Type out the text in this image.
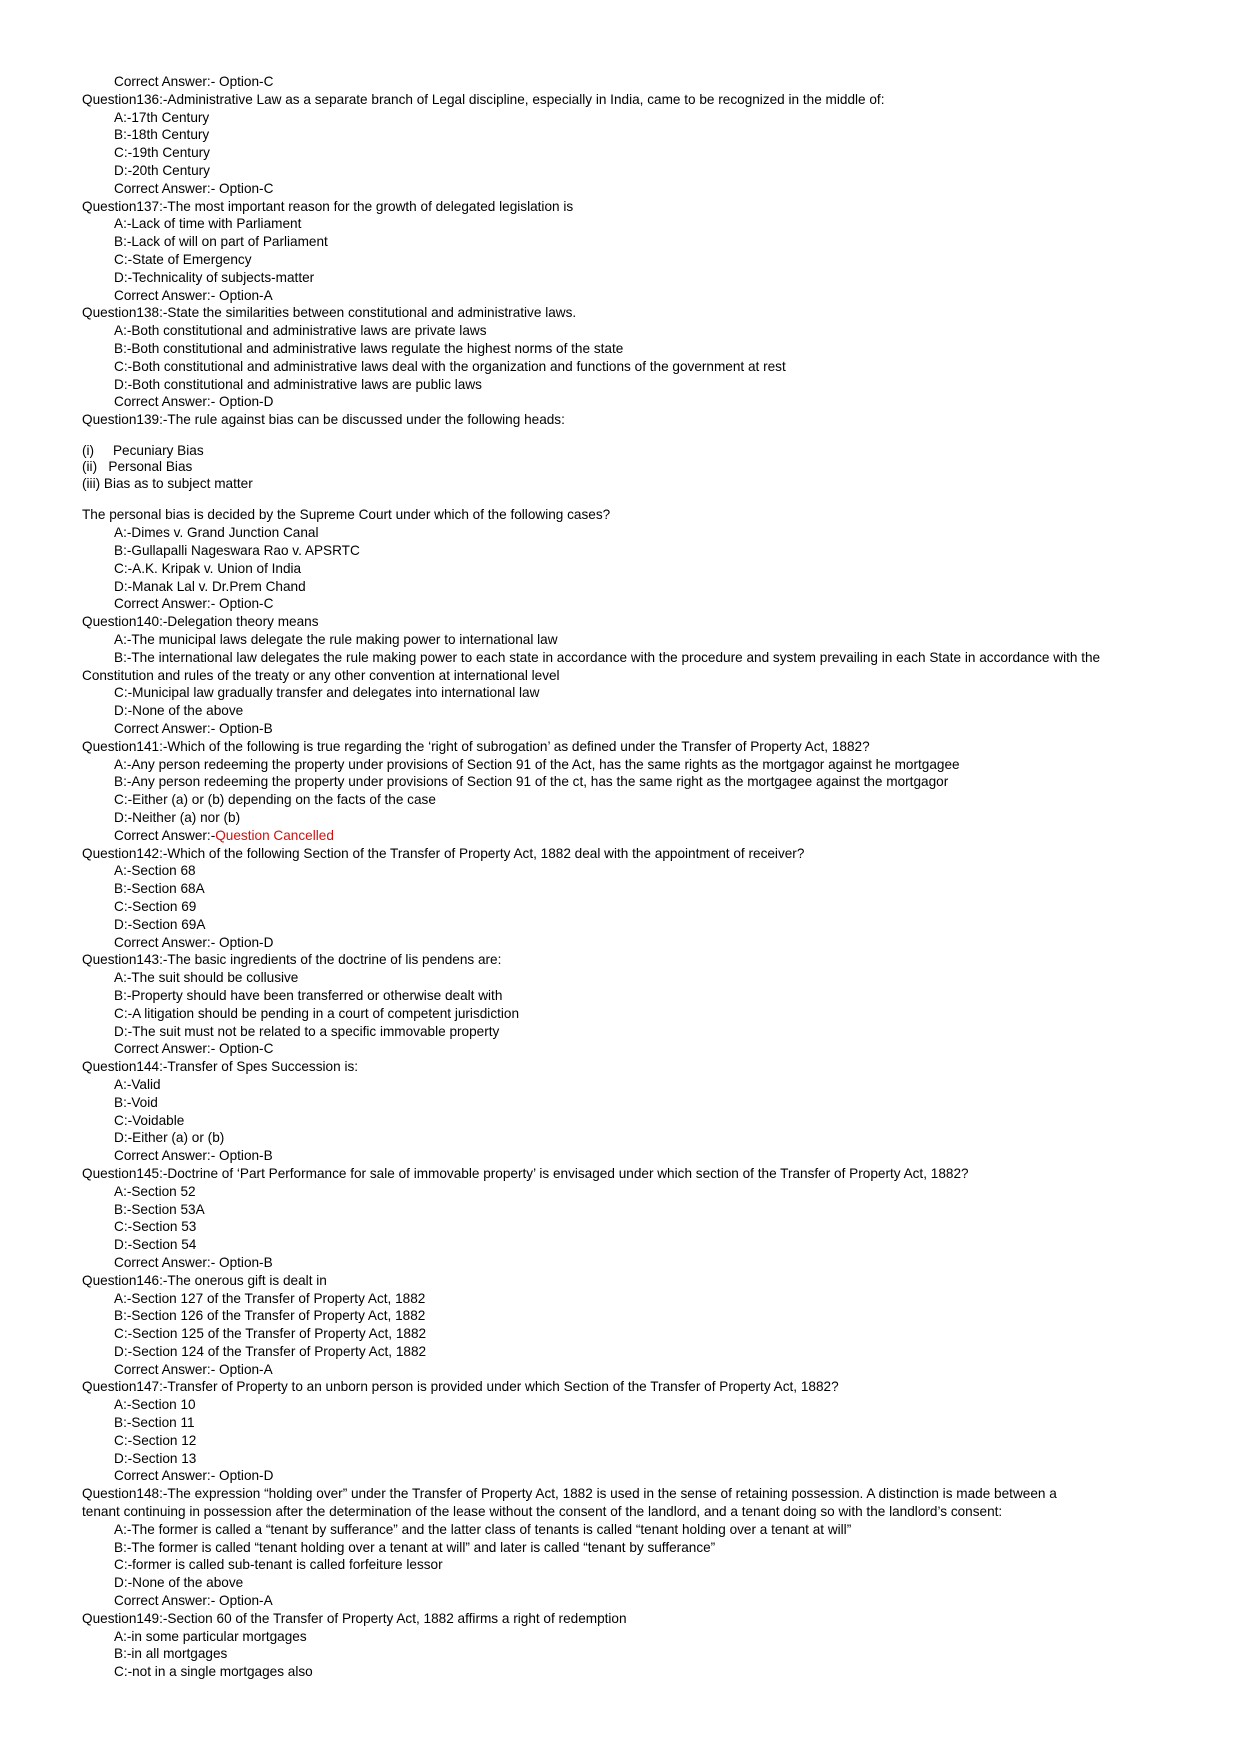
Correct Answer:- Option-C
Question136:-Administrative Law as a separate branch of Legal discipline, especially in India, came to be recognized in the middle of:
A:-17th Century
B:-18th Century
C:-19th Century
D:-20th Century
Correct Answer:- Option-C
Question137:-The most important reason for the growth of delegated legislation is
A:-Lack of time with Parliament
B:-Lack of will on part of Parliament
C:-State of Emergency
D:-Technicality of subjects-matter
Correct Answer:- Option-A
Question138:-State the similarities between constitutional and administrative laws.
A:-Both constitutional and administrative laws are private laws
B:-Both constitutional and administrative laws regulate the highest norms of the state
C:-Both constitutional and administrative laws deal with the organization and functions of the government at rest
D:-Both constitutional and administrative laws are public laws
Correct Answer:- Option-D
Question139:-The rule against bias can be discussed under the following heads:
(i)     Pecuniary Bias
(ii)   Personal Bias
(iii) Bias as to subject matter
The personal bias is decided by the Supreme Court under which of the following cases?
A:-Dimes v. Grand Junction Canal
B:-Gullapalli Nageswara Rao v. APSRTC
C:-A.K. Kripak v. Union of India
D:-Manak Lal v. Dr.Prem Chand
Correct Answer:- Option-C
Question140:-Delegation theory means
A:-The municipal laws delegate the rule making power to international law
B:-The international law delegates the rule making power to each state in accordance with the procedure and system prevailing in each State in accordance with the
Constitution and rules of the treaty or any other convention at international level
C:-Municipal law gradually transfer and delegates into international law
D:-None of the above
Correct Answer:- Option-B
Question141:-Which of the following is true regarding the ‘right of subrogation’ as defined under the Transfer of Property Act, 1882?
A:-Any person redeeming the property under provisions of Section 91 of the Act, has the same rights as the mortgagor against he mortgagee
B:-Any person redeeming the property under provisions of Section 91 of the ct, has the same right as the mortgagee against the mortgagor
C:-Either (a) or (b) depending on the facts of the case
D:-Neither (a) nor (b)
Correct Answer:-Question Cancelled
Question142:-Which of the following Section of the Transfer of Property Act, 1882 deal with the appointment of receiver?
A:-Section 68
B:-Section 68A
C:-Section 69
D:-Section 69A
Correct Answer:- Option-D
Question143:-The basic ingredients of the doctrine of lis pendens are:
A:-The suit should be collusive
B:-Property should have been transferred or otherwise dealt with
C:-A litigation should be pending in a court of competent jurisdiction
D:-The suit must not be related to a specific immovable property
Correct Answer:- Option-C
Question144:-Transfer of Spes Succession is:
A:-Valid
B:-Void
C:-Voidable
D:-Either (a) or (b)
Correct Answer:- Option-B
Question145:-Doctrine of ‘Part Performance for sale of immovable property’ is envisaged under which section of the Transfer of Property Act, 1882?
A:-Section 52
B:-Section 53A
C:-Section 53
D:-Section 54
Correct Answer:- Option-B
Question146:-The onerous gift is dealt in
A:-Section 127 of the Transfer of Property Act, 1882
B:-Section 126 of the Transfer of Property Act, 1882
C:-Section 125 of the Transfer of Property Act, 1882
D:-Section 124 of the Transfer of Property Act, 1882
Correct Answer:- Option-A
Question147:-Transfer of Property to an unborn person is provided under which Section of the Transfer of Property Act, 1882?
A:-Section 10
B:-Section 11
C:-Section 12
D:-Section 13
Correct Answer:- Option-D
Question148:-The expression “holding over” under the Transfer of Property Act, 1882 is used in the sense of retaining possession. A distinction is made between a
tenant continuing in possession after the determination of the lease without the consent of the landlord, and a tenant doing so with the landlord’s consent:
A:-The former is called a “tenant by sufferance” and the latter class of tenants is called “tenant holding over a tenant at will”
B:-The former is called “tenant holding over a tenant at will” and later is called “tenant by sufferance”
C:-former is called sub-tenant is called forfeiture lessor
D:-None of the above
Correct Answer:- Option-A
Question149:-Section 60 of the Transfer of Property Act, 1882 affirms a right of redemption
A:-in some particular mortgages
B:-in all mortgages
C:-not in a single mortgages also
